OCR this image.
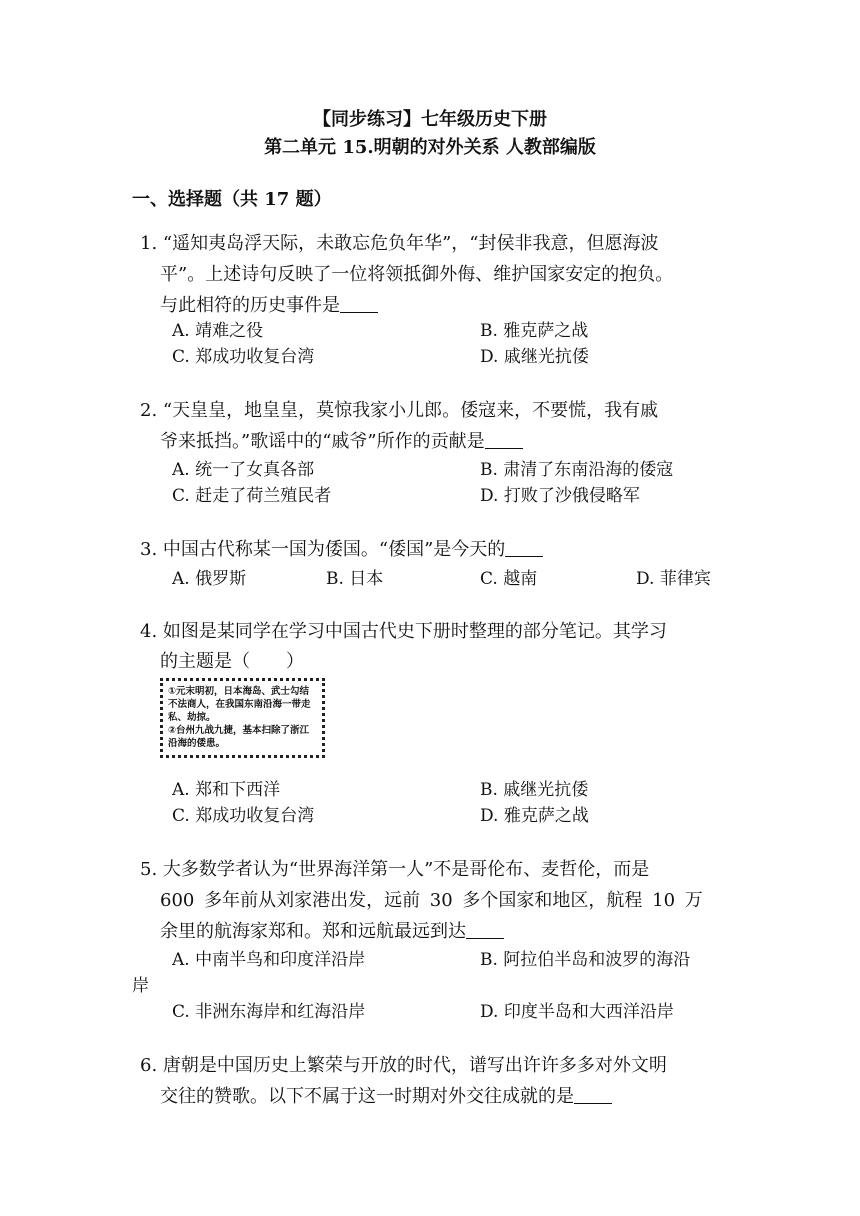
【同步练习】七年级历史下册
第二单元 15.明朝的对外关系 人教部编版
一、选择题（共 17 题）
1. “遥知夷岛浮天际，未敢忘危负年华”，“封侯非我意，但愿海波
平”。上述诗句反映了一位将领抵御外侮、维护国家安定的抱负。
与此相符的历史事件是
A. 靖难之役	B. 雅克萨之战
C. 郑成功收复台湾	D. 戚继光抗倭
2. “天皇皇，地皇皇，莫惊我家小儿郎。倭寇来，不要慌，我有戚
爷来抵挡。”歌谣中的“戚爷”所作的贡献是
A. 统一了女真各部	B. 肃清了东南沿海的倭寇
C. 赶走了荷兰殖民者	D. 打败了沙俄侵略军
3. 中国古代称某一国为倭国。“倭国”是今天的
A. 俄罗斯	B. 日本	C. 越南	D. 菲律宾
4. 如图是某同学在学习中国古代史下册时整理的部分笔记。其学习
的主题是（　　）
①元末明初，日本海岛、武士勾结不法商人，在我国东南沿海一带走私、劫掠。
②台州九战九捷，基本扫除了浙江沿海的倭患。
A. 郑和下西洋	B. 戚继光抗倭
C. 郑成功收复台湾	D. 雅克萨之战
5. 大多数学者认为“世界海洋第一人”不是哥伦布、麦哲伦，而是
600 多年前从刘家港出发，远前 30 多个国家和地区，航程 10 万
余里的航海家郑和。郑和远航最远到达
A. 中南半鸟和印度洋沿岸	B. 阿拉伯半岛和波罗的海沿
岸
C. 非洲东海岸和红海沿岸	D. 印度半岛和大西洋沿岸
6. 唐朝是中国历史上繁荣与开放的时代，谱写出许许多多对外文明
交往的赞歌。以下不属于这一时期对外交往成就的是
